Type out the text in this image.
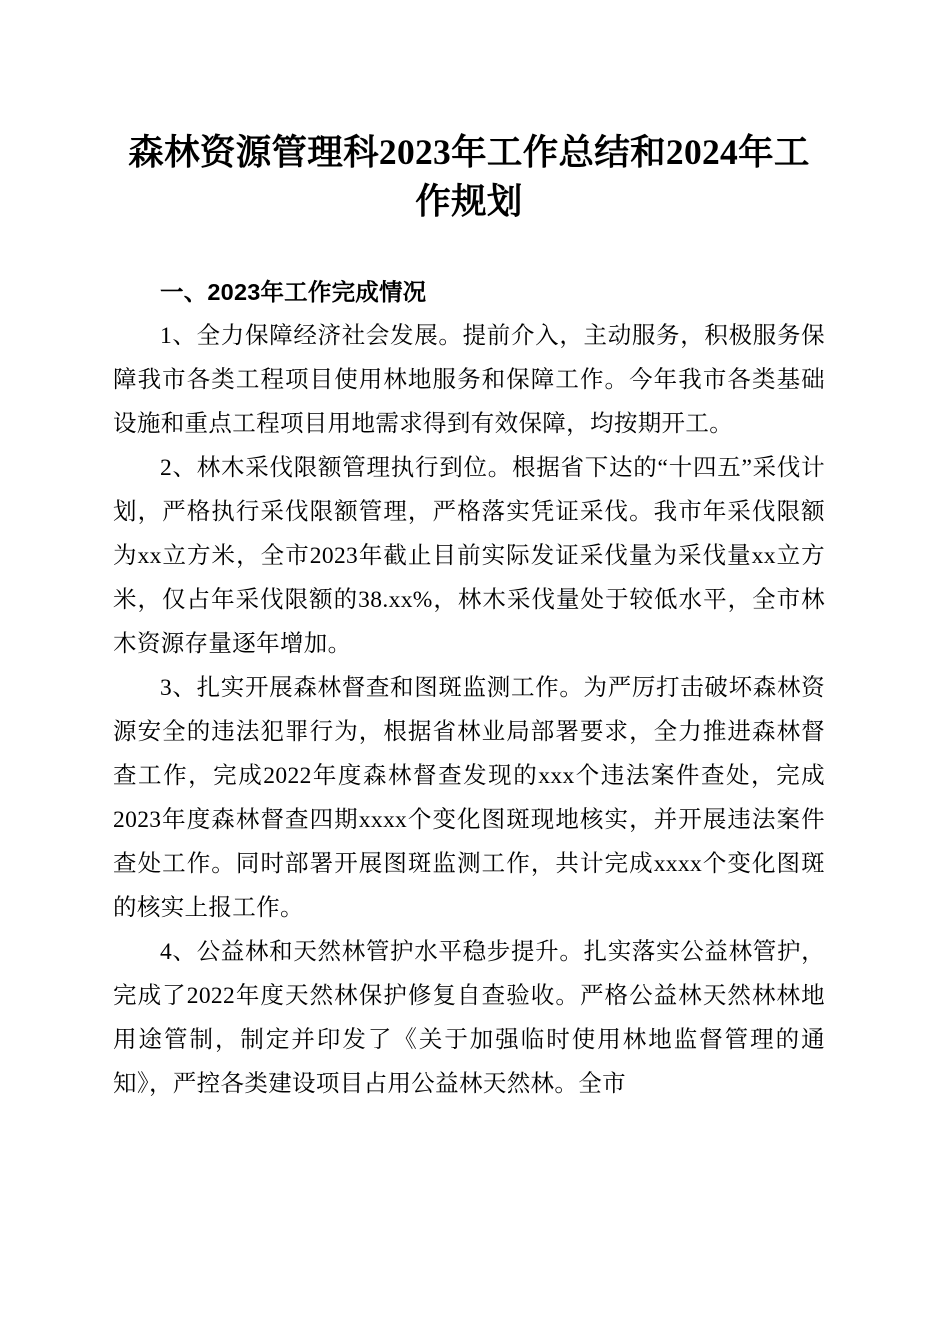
森林资源管理科2023年工作总结和2024年工作规划
一、2023年工作完成情况

1、全力保障经济社会发展。提前介入，主动服务，积极服务保障我市各类工程项目使用林地服务和保障工作。今年我市各类基础设施和重点工程项目用地需求得到有效保障，均按期开工。

2、林木采伐限额管理执行到位。根据省下达的“十四五”采伐计划，严格执行采伐限额管理，严格落实凭证采伐。我市年采伐限额为xx立方米，全市2023年截止目前实际发证采伐量为采伐量xx立方米，仅占年采伐限额的38.xx%，林木采伐量处于较低水平，全市林木资源存量逐年增加。

3、扎实开展森林督查和图斑监测工作。为严厉打击破坏森林资源安全的违法犯罪行为，根据省林业局部署要求，全力推进森林督查工作，完成2022年度森林督查发现的xxx个违法案件查处，完成2023年度森林督查四期xxxx个变化图斑现地核实，并开展违法案件查处工作。同时部署开展图斑监测工作，共计完成xxxx个变化图斑的核实上报工作。

4、公益林和天然林管护水平稳步提升。扎实落实公益林管护，完成了2022年度天然林保护修复自查验收。严格公益林天然林林地用途管制，制定并印发了《关于加强临时使用林地监督管理的通知》，严控各类建设项目占用公益林天然林。全市
